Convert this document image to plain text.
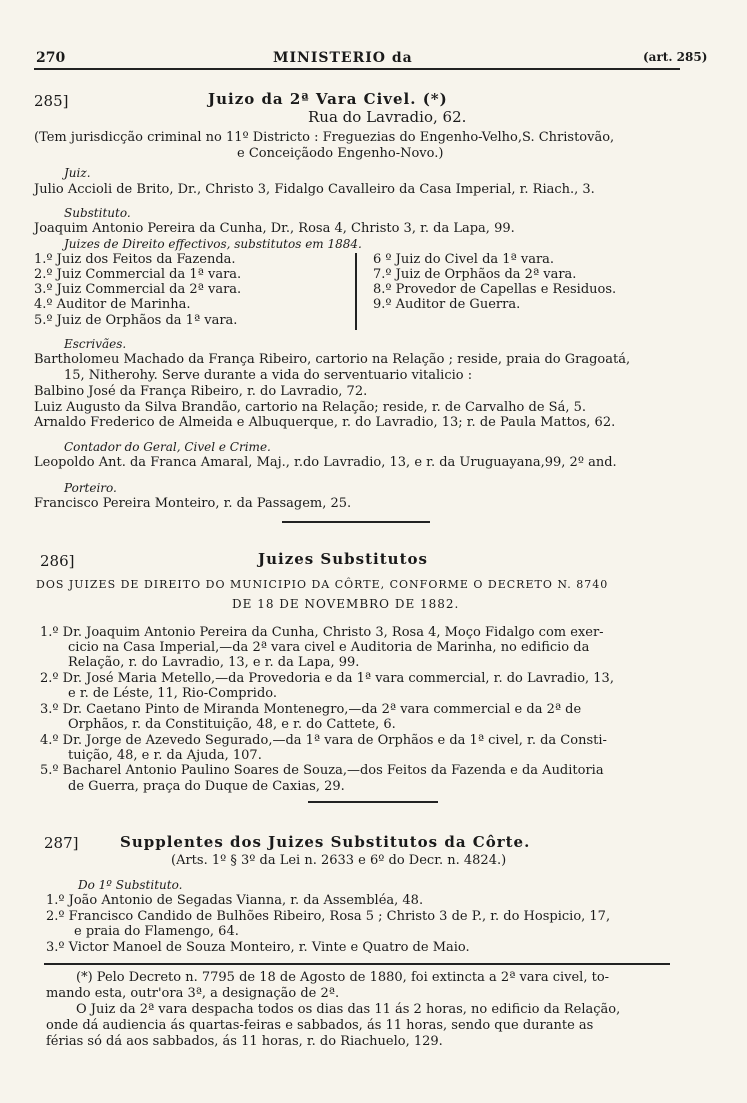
270	MINISTERIO da	(art. 285)
285]	Juizo da 2ª Vara Civel. (*)
Rua do Lavradio, 62.
(Tem jurisdicção criminal no 11º Districto : Freguezias do Engenho-Velho,S. Christovão,
e Conceiçãodo Engenho-Novo.)
Juiz.
Julio Accioli de Brito, Dr., Christo 3, Fidalgo Cavalleiro da Casa Imperial, r. Riach., 3.
Substituto.
Joaquim Antonio Pereira da Cunha, Dr., Rosa 4, Christo 3, r. da Lapa, 99.
Juizes de Direito effectivos, substitutos em 1884.
1.º Juiz dos Feitos da Fazenda.
2.º Juiz Commercial da 1ª vara.
3.º Juiz Commercial da 2ª vara.
4.º Auditor de Marinha.
5.º Juiz de Orphãos da 1ª vara.
6 º Juiz do Civel da 1ª vara.
7.º Juiz de Orphãos da 2ª vara.
8.º Provedor de Capellas e Residuos.
9.º Auditor de Guerra.
Escrivães.
Bartholomeu Machado da França Ribeiro, cartorio na Relação ; reside, praia do Gragoatá,
15, Nitherohy. Serve durante a vida do serventuario vitalicio :
Balbino José da França Ribeiro, r. do Lavradio, 72.
Luiz Augusto da Silva Brandão, cartorio na Relação; reside, r. de Carvalho de Sá, 5.
Arnaldo Frederico de Almeida e Albuquerque, r. do Lavradio, 13; r. de Paula Mattos, 62.
Contador do Geral, Civel e Crime.
Leopoldo Ant. da Franca Amaral, Maj., r.do Lavradio, 13, e r. da Uruguayana,99, 2º and.
Porteiro.
Francisco Pereira Monteiro, r. da Passagem, 25.
286]	Juizes Substitutos
DOS JUIZES DE DIREITO DO MUNICIPIO DA CÔRTE, CONFORME O DECRETO N. 8740
DE 18 DE NOVEMBRO DE 1882.
1.º Dr. Joaquim Antonio Pereira da Cunha, Christo 3, Rosa 4, Moço Fidalgo com exer-
cicio na Casa Imperial,—da 2ª vara civel e Auditoria de Marinha, no edificio da
Relação, r. do Lavradio, 13, e r. da Lapa, 99.
2.º Dr. José Maria Metello,—da Provedoria e da 1ª vara commercial, r. do Lavradio, 13,
e r. de Léste, 11, Rio-Comprido.
3.º Dr. Caetano Pinto de Miranda Montenegro,—da 2ª vara commercial e da 2ª de
Orphãos, r. da Constituição, 48, e r. do Cattete, 6.
4.º Dr. Jorge de Azevedo Segurado,—da 1ª vara de Orphãos e da 1ª civel, r. da Consti-
tuição, 48, e r. da Ajuda, 107.
5.º Bacharel Antonio Paulino Soares de Souza,—dos Feitos da Fazenda e da Auditoria
de Guerra, praça do Duque de Caxias, 29.
287]	Supplentes dos Juizes Substitutos da Côrte.
(Arts. 1º § 3º da Lei n. 2633 e 6º do Decr. n. 4824.)
Do 1º Substituto.
1.º João Antonio de Segadas Vianna, r. da Assembléa, 48.
2.º Francisco Candido de Bulhões Ribeiro, Rosa 5 ; Christo 3 de P., r. do Hospicio, 17,
e praia do Flamengo, 64.
3.º Victor Manoel de Souza Monteiro, r. Vinte e Quatro de Maio.
(*) Pelo Decreto n. 7795 de 18 de Agosto de 1880, foi extincta a 2ª vara civel, to-
mando esta, outr'ora 3ª, a designação de 2ª.
O Juiz da 2ª vara despacha todos os dias das 11 ás 2 horas, no edificio da Relação,
onde dá audiencia ás quartas-feiras e sabbados, ás 11 horas, sendo que durante as
férias só dá aos sabbados, ás 11 horas, r. do Riachuelo, 129.
